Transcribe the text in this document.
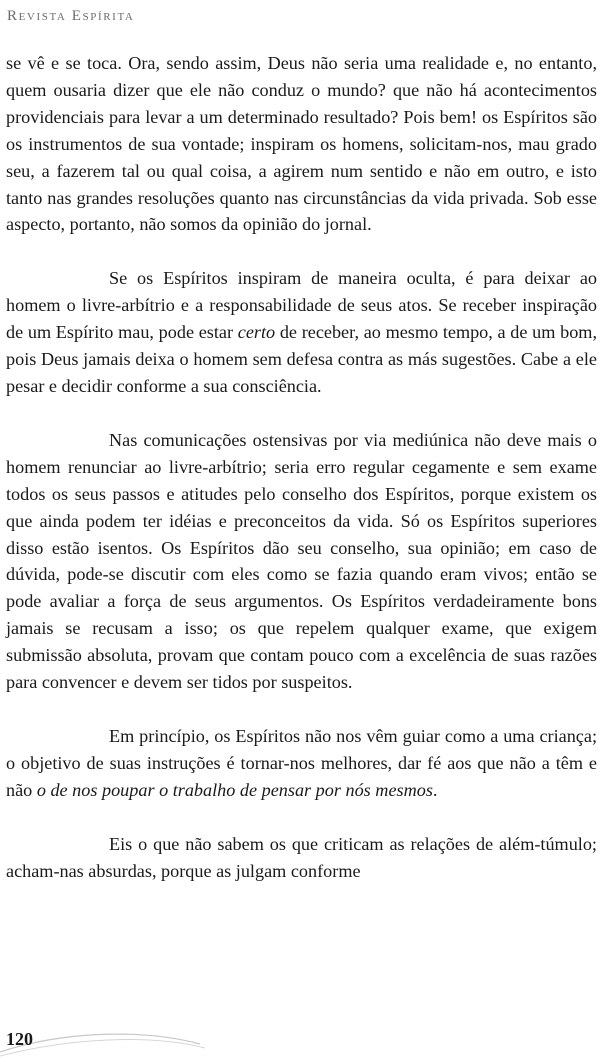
Revista Espírita

se vê e se toca. Ora, sendo assim, Deus não seria uma realidade e, no entanto, quem ousaria dizer que ele não conduz o mundo? que não há acontecimentos providenciais para levar a um determinado resultado? Pois bem! os Espíritos são os instrumentos de sua vontade; inspiram os homens, solicitam-nos, mau grado seu, a fazerem tal ou qual coisa, a agirem num sentido e não em outro, e isto tanto nas grandes resoluções quanto nas circunstâncias da vida privada. Sob esse aspecto, portanto, não somos da opinião do jornal.

Se os Espíritos inspiram de maneira oculta, é para deixar ao homem o livre-arbítrio e a responsabilidade de seus atos. Se receber inspiração de um Espírito mau, pode estar certo de receber, ao mesmo tempo, a de um bom, pois Deus jamais deixa o homem sem defesa contra as más sugestões. Cabe a ele pesar e decidir conforme a sua consciência.

Nas comunicações ostensivas por via mediúnica não deve mais o homem renunciar ao livre-arbítrio; seria erro regular cegamente e sem exame todos os seus passos e atitudes pelo conselho dos Espíritos, porque existem os que ainda podem ter idéias e preconceitos da vida. Só os Espíritos superiores disso estão isentos. Os Espíritos dão seu conselho, sua opinião; em caso de dúvida, pode-se discutir com eles como se fazia quando eram vivos; então se pode avaliar a força de seus argumentos. Os Espíritos verdadeiramente bons jamais se recusam a isso; os que repelem qualquer exame, que exigem submissão absoluta, provam que contam pouco com a excelência de suas razões para convencer e devem ser tidos por suspeitos.

Em princípio, os Espíritos não nos vêm guiar como a uma criança; o objetivo de suas instruções é tornar-nos melhores, dar fé aos que não a têm e não o de nos poupar o trabalho de pensar por nós mesmos.

Eis o que não sabem os que criticam as relações de além-túmulo; acham-nas absurdas, porque as julgam conforme

120
